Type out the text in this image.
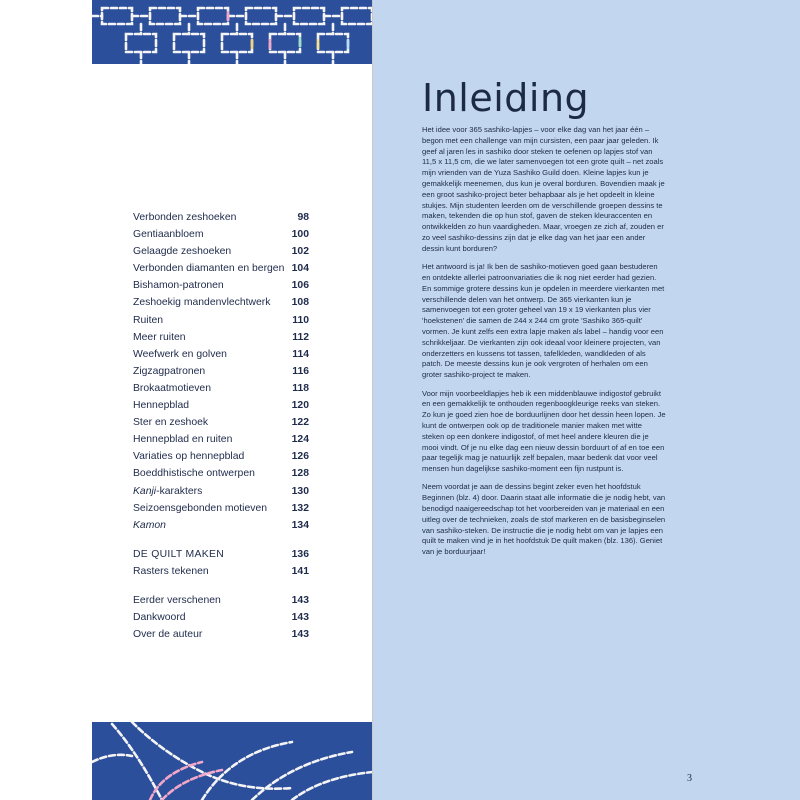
Verbonden zeshoeken	98
Gentiaanbloem	100
Gelaagde zeshoeken	102
Verbonden diamanten en bergen 104
Bishamon-patronen	106
Zeshoekig mandenvlechtwerk 108
Ruiten	110
Meer ruiten	112
Weefwerk en golven	114
Zigzagpatronen	116
Brokaatmotieven	118
Hennepblad	120
Ster en zeshoek	122
Hennepblad en ruiten	124
Variaties op hennepblad	126
Boeddhistische ontwerpen	128
Kanji-karakters	130
Seizoensgebonden motieven 132
Kamon	134
DE QUILT MAKEN	136
Rasters tekenen	141
Eerder verschenen	143
Dankwoord	143
Over de auteur	143
Inleiding

Het idee voor 365 sashiko-lapjes – voor elke dag van het jaar één – begon met een challenge van mijn cursisten, een paar jaar geleden. Ik geef al jaren les in sashiko door steken te oefenen op lapjes stof van 11,5 x 11,5 cm, die we later samenvoegen tot een grote quilt – net zoals mijn vrienden van de Yuza Sashiko Guild doen. Kleine lapjes kun je gemakkelijk meenemen, dus kun je overal borduren. Bovendien maak je een groot sashiko-project beter behapbaar als je het opdeelt in kleine stukjes. Mijn studenten leerden om de verschillende groepen dessins te maken, tekenden die op hun stof, gaven de steken kleuraccenten en ontwikkelden zo hun vaardigheden. Maar, vroegen ze zich af, zouden er zo veel sashiko-dessins zijn dat je elke dag van het jaar een ander dessin kunt borduren?

Het antwoord is ja! Ik ben de sashiko-motieven goed gaan bestuderen en ontdekte allerlei patroonvariaties die ik nog niet eerder had gezien. En sommige grotere dessins kun je opdelen in meerdere vierkanten met verschillende delen van het ontwerp. De 365 vierkanten kun je samenvoegen tot een groter geheel van 19 x 19 vierkanten plus vier 'hoekstenen' die samen de 244 x 244 cm grote 'Sashiko 365-quilt' vormen. Je kunt zelfs een extra lapje maken als label – handig voor een schrikkeljaar. De vierkanten zijn ook ideaal voor kleinere projecten, van onderzetters en kussens tot tassen, tafelkleden, wandkleden of als patch. De meeste dessins kun je ook vergroten of herhalen om een groter sashiko-project te maken.

Voor mijn voorbeeldlapjes heb ik een middenblauwe indigostof gebruikt en een gemakkelijk te onthouden regenboogkleurige reeks van steken. Zo kun je goed zien hoe de borduurlijnen door het dessin heen lopen. Je kunt de ontwerpen ook op de traditionele manier maken met witte steken op een donkere indigostof, of met heel andere kleuren die je mooi vindt. Of je nu elke dag een nieuw dessin borduurt of af en toe een paar tegelijk mag je natuurlijk zelf bepalen, maar bedenk dat voor veel mensen hun dagelijkse sashiko-moment een fijn rustpunt is.

Neem voordat je aan de dessins begint zeker even het hoofdstuk Beginnen (blz. 4) door. Daarin staat alle informatie die je nodig hebt, van benodigd naaigereedschap tot het voorbereiden van je materiaal en een uitleg over de technieken, zoals de stof markeren en de basisbeginselen van sashiko-steken. De instructie die je nodig hebt om van je lapjes een quilt te maken vind je in het hoofdstuk De quilt maken (blz. 136). Geniet van je borduurjaar!

3
